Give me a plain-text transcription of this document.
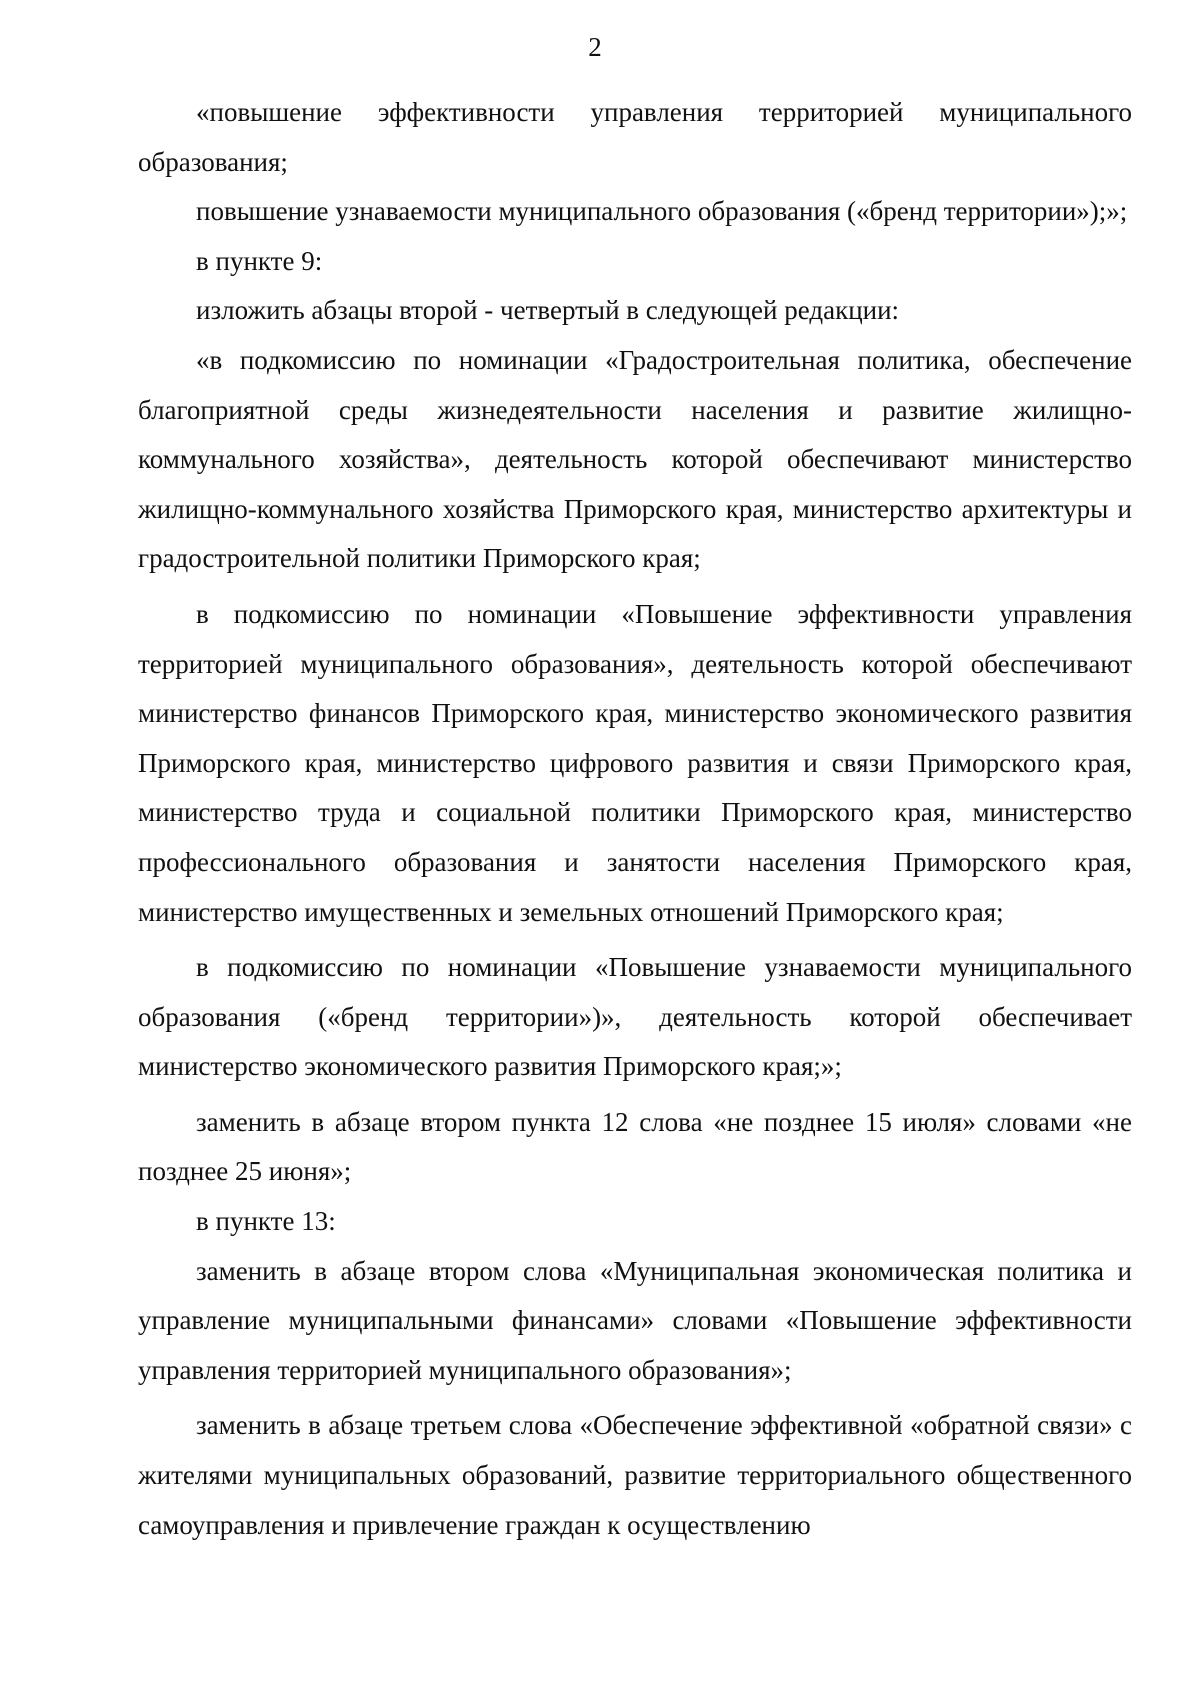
2

«повышение эффективности управления территорией муниципального образования;

повышение узнаваемости муниципального образования («бренд территории»);»;

в пункте 9:

изложить абзацы второй - четвертый в следующей редакции:

«в подкомиссию по номинации «Градостроительная политика, обеспечение благоприятной среды жизнедеятельности населения и развитие жилищно-коммунального хозяйства», деятельность которой обеспечивают министерство жилищно-коммунального хозяйства Приморского края, министерство архитектуры и градостроительной политики Приморского края;

в подкомиссию по номинации «Повышение эффективности управления территорией муниципального образования», деятельность которой обеспечивают министерство финансов Приморского края, министерство экономического развития Приморского края, министерство цифрового развития и связи Приморского края, министерство труда и социальной политики Приморского края, министерство профессионального образования и занятости населения Приморского края, министерство имущественных и земельных отношений Приморского края;

в подкомиссию по номинации «Повышение узнаваемости муниципального образования («бренд территории»)», деятельность которой обеспечивает министерство экономического развития Приморского края;»;

заменить в абзаце втором пункта 12 слова «не позднее 15 июля» словами «не позднее 25 июня»;

в пункте 13:

заменить в абзаце втором слова «Муниципальная экономическая политика и управление муниципальными финансами» словами «Повышение эффективности управления территорией муниципального образования»;

заменить в абзаце третьем слова «Обеспечение эффективной «обратной связи» с жителями муниципальных образований, развитие территориального общественного самоуправления и привлечение граждан к осуществлению
